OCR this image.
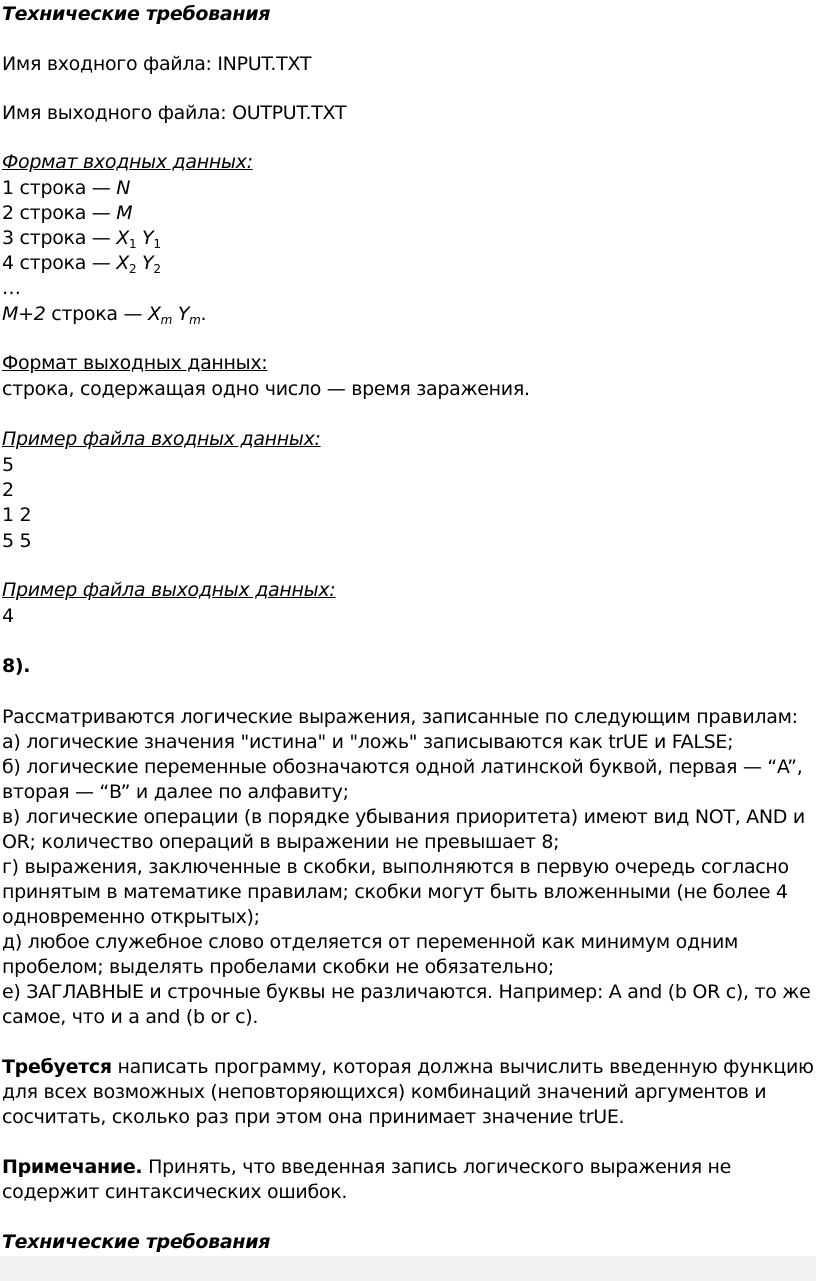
Технические требования

Имя входного файла: INPUT.TXT

Имя выходного файла: OUTPUT.TXT

Формат входных данных:

1 строка — N

2 строка — M

3 строка — $X_1$ $Y_1$

4 строка — $X_2$ $Y_2$

…

M+2 строка — $X_m$ $Y_m$.

Формат выходных данных:

строка, содержащая одно число — время заражения.

Пример файла входных данных:

5

2

1 2

5 5

Пример файла выходных данных:

4

8).

Рассматриваются логические выражения, записанные по следующим правилам:

а) логические значения "истина" и "ложь" записываются как trUE и FALSE;

б) логические переменные обозначаются одной латинской буквой, первая — “A”,

вторая — “B” и далее по алфавиту;

в) логические операции (в порядке убывания приоритета) имеют вид NOT, AND и

OR; количество операций в выражении не превышает 8;

г) выражения, заключенные в скобки, выполняются в первую очередь согласно

принятым в математике правилам; скобки могут быть вложенными (не более 4

одновременно открытых);

д) любое служебное слово отделяется от переменной как минимум одним

пробелом; выделять пробелами скобки не обязательно;

е) ЗАГЛАВНЫЕ и строчные буквы не различаются. Например: A and (b OR c), то же

самое, что и a and (b or c).

Требуется написать программу, которая должна вычислить введенную функцию

для всех возможных (неповторяющихся) комбинаций значений аргументов и

сосчитать, сколько раз при этом она принимает значение trUE.

Примечание. Принять, что введенная запись логического выражения не

содержит синтаксических ошибок.

Технические требования
